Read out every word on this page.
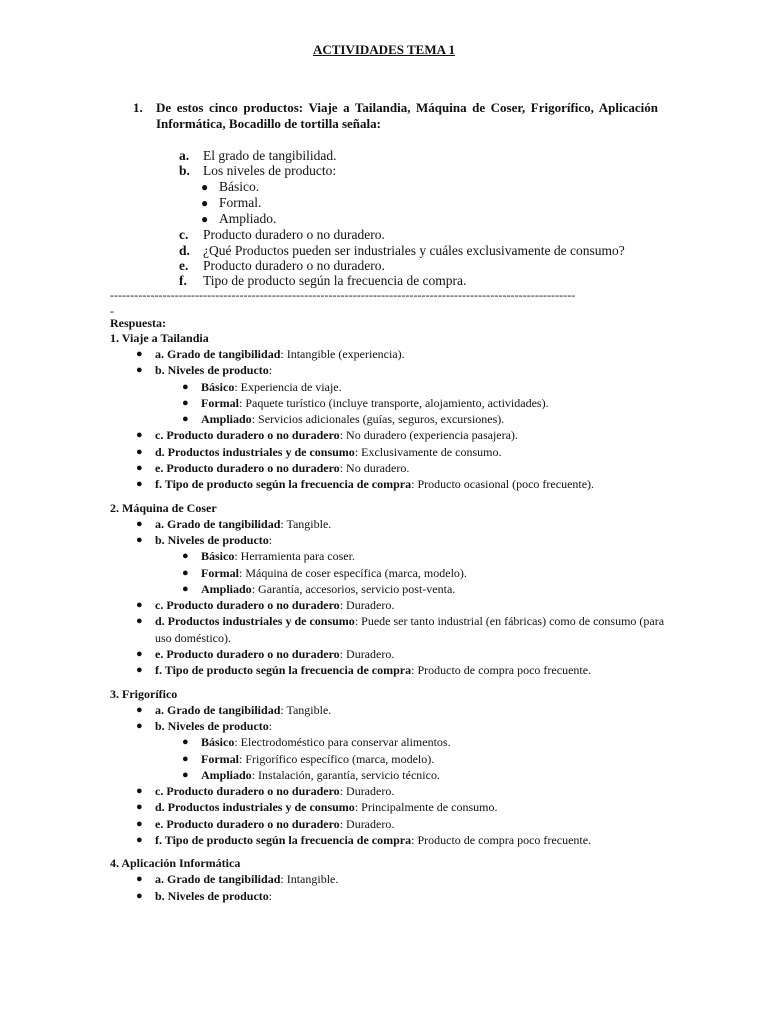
ACTIVIDADES TEMA 1
1. De estos cinco productos: Viaje a Tailandia, Máquina de Coser, Frigorífico, Aplicación Informática, Bocadillo de tortilla señala:
a. El grado de tangibilidad.
b. Los niveles de producto:
● Básico.
● Formal.
● Ampliado.
c. Producto duradero o no duradero.
d. ¿Qué Productos pueden ser industriales y cuáles exclusivamente de consumo?
e. Producto duradero o no duradero.
f. Tipo de producto según la frecuencia de compra.
-------------------------------------------------------------------------------------------------------------------
-
Respuesta:
1. Viaje a Tailandia
● a. Grado de tangibilidad: Intangible (experiencia).
● b. Niveles de producto:
● Básico: Experiencia de viaje.
● Formal: Paquete turístico (incluye transporte, alojamiento, actividades).
● Ampliado: Servicios adicionales (guías, seguros, excursiones).
● c. Producto duradero o no duradero: No duradero (experiencia pasajera).
● d. Productos industriales y de consumo: Exclusivamente de consumo.
● e. Producto duradero o no duradero: No duradero.
● f. Tipo de producto según la frecuencia de compra: Producto ocasional (poco frecuente).
2. Máquina de Coser
● a. Grado de tangibilidad: Tangible.
● b. Niveles de producto:
● Básico: Herramienta para coser.
● Formal: Máquina de coser específica (marca, modelo).
● Ampliado: Garantía, accesorios, servicio post-venta.
● c. Producto duradero o no duradero: Duradero.
● d. Productos industriales y de consumo: Puede ser tanto industrial (en fábricas) como de consumo (para uso doméstico).
● e. Producto duradero o no duradero: Duradero.
● f. Tipo de producto según la frecuencia de compra: Producto de compra poco frecuente.
3. Frigorífico
● a. Grado de tangibilidad: Tangible.
● b. Niveles de producto:
● Básico: Electrodoméstico para conservar alimentos.
● Formal: Frigorífico específico (marca, modelo).
● Ampliado: Instalación, garantía, servicio técnico.
● c. Producto duradero o no duradero: Duradero.
● d. Productos industriales y de consumo: Principalmente de consumo.
● e. Producto duradero o no duradero: Duradero.
● f. Tipo de producto según la frecuencia de compra: Producto de compra poco frecuente.
4. Aplicación Informática
● a. Grado de tangibilidad: Intangible.
● b. Niveles de producto:
